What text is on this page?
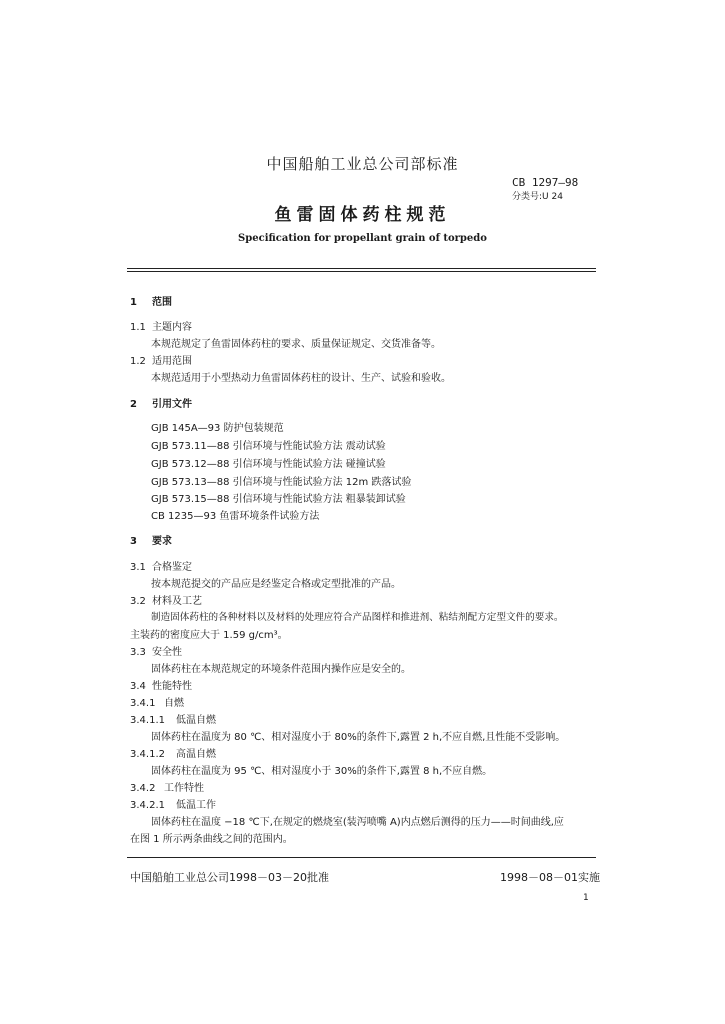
中国船舶工业总公司部标准
CB 1297—98
分类号:U 24
鱼雷固体药柱规范
Specification for propellant grain of torpedo
1 范围
1.1 主题内容
本规范规定了鱼雷固体药柱的要求、质量保证规定、交货准备等。
1.2 适用范围
本规范适用于小型热动力鱼雷固体药柱的设计、生产、试验和验收。
2 引用文件
GJB 145A—93 防护包装规范
GJB 573.11—88 引信环境与性能试验方法 震动试验
GJB 573.12—88 引信环境与性能试验方法 碰撞试验
GJB 573.13—88 引信环境与性能试验方法 12m 跌落试验
GJB 573.15—88 引信环境与性能试验方法 粗暴装卸试验
CB 1235—93 鱼雷环境条件试验方法
3 要求
3.1 合格鉴定
按本规范提交的产品应是经鉴定合格或定型批准的产品。
3.2 材料及工艺
制造固体药柱的各种材料以及材料的处理应符合产品图样和推进剂、粘结剂配方定型文件的要求。
主装药的密度应大于 1.59 g/cm³。
3.3 安全性
固体药柱在本规范规定的环境条件范围内操作应是安全的。
3.4 性能特性
3.4.1 自燃
3.4.1.1 低温自燃
固体药柱在温度为 80 ℃、相对湿度小于 80%的条件下,露置 2 h,不应自燃,且性能不受影响。
3.4.1.2 高温自燃
固体药柱在温度为 95 ℃、相对湿度小于 30%的条件下,露置 8 h,不应自燃。
3.4.2 工作特性
3.4.2.1 低温工作
固体药柱在温度 −18 ℃下,在规定的燃烧室(装泻喷嘴 A)内点燃后测得的压力——时间曲线,应
在图 1 所示两条曲线之间的范围内。
中国船舶工业总公司1998－03－20批准	1998－08－01实施
1
